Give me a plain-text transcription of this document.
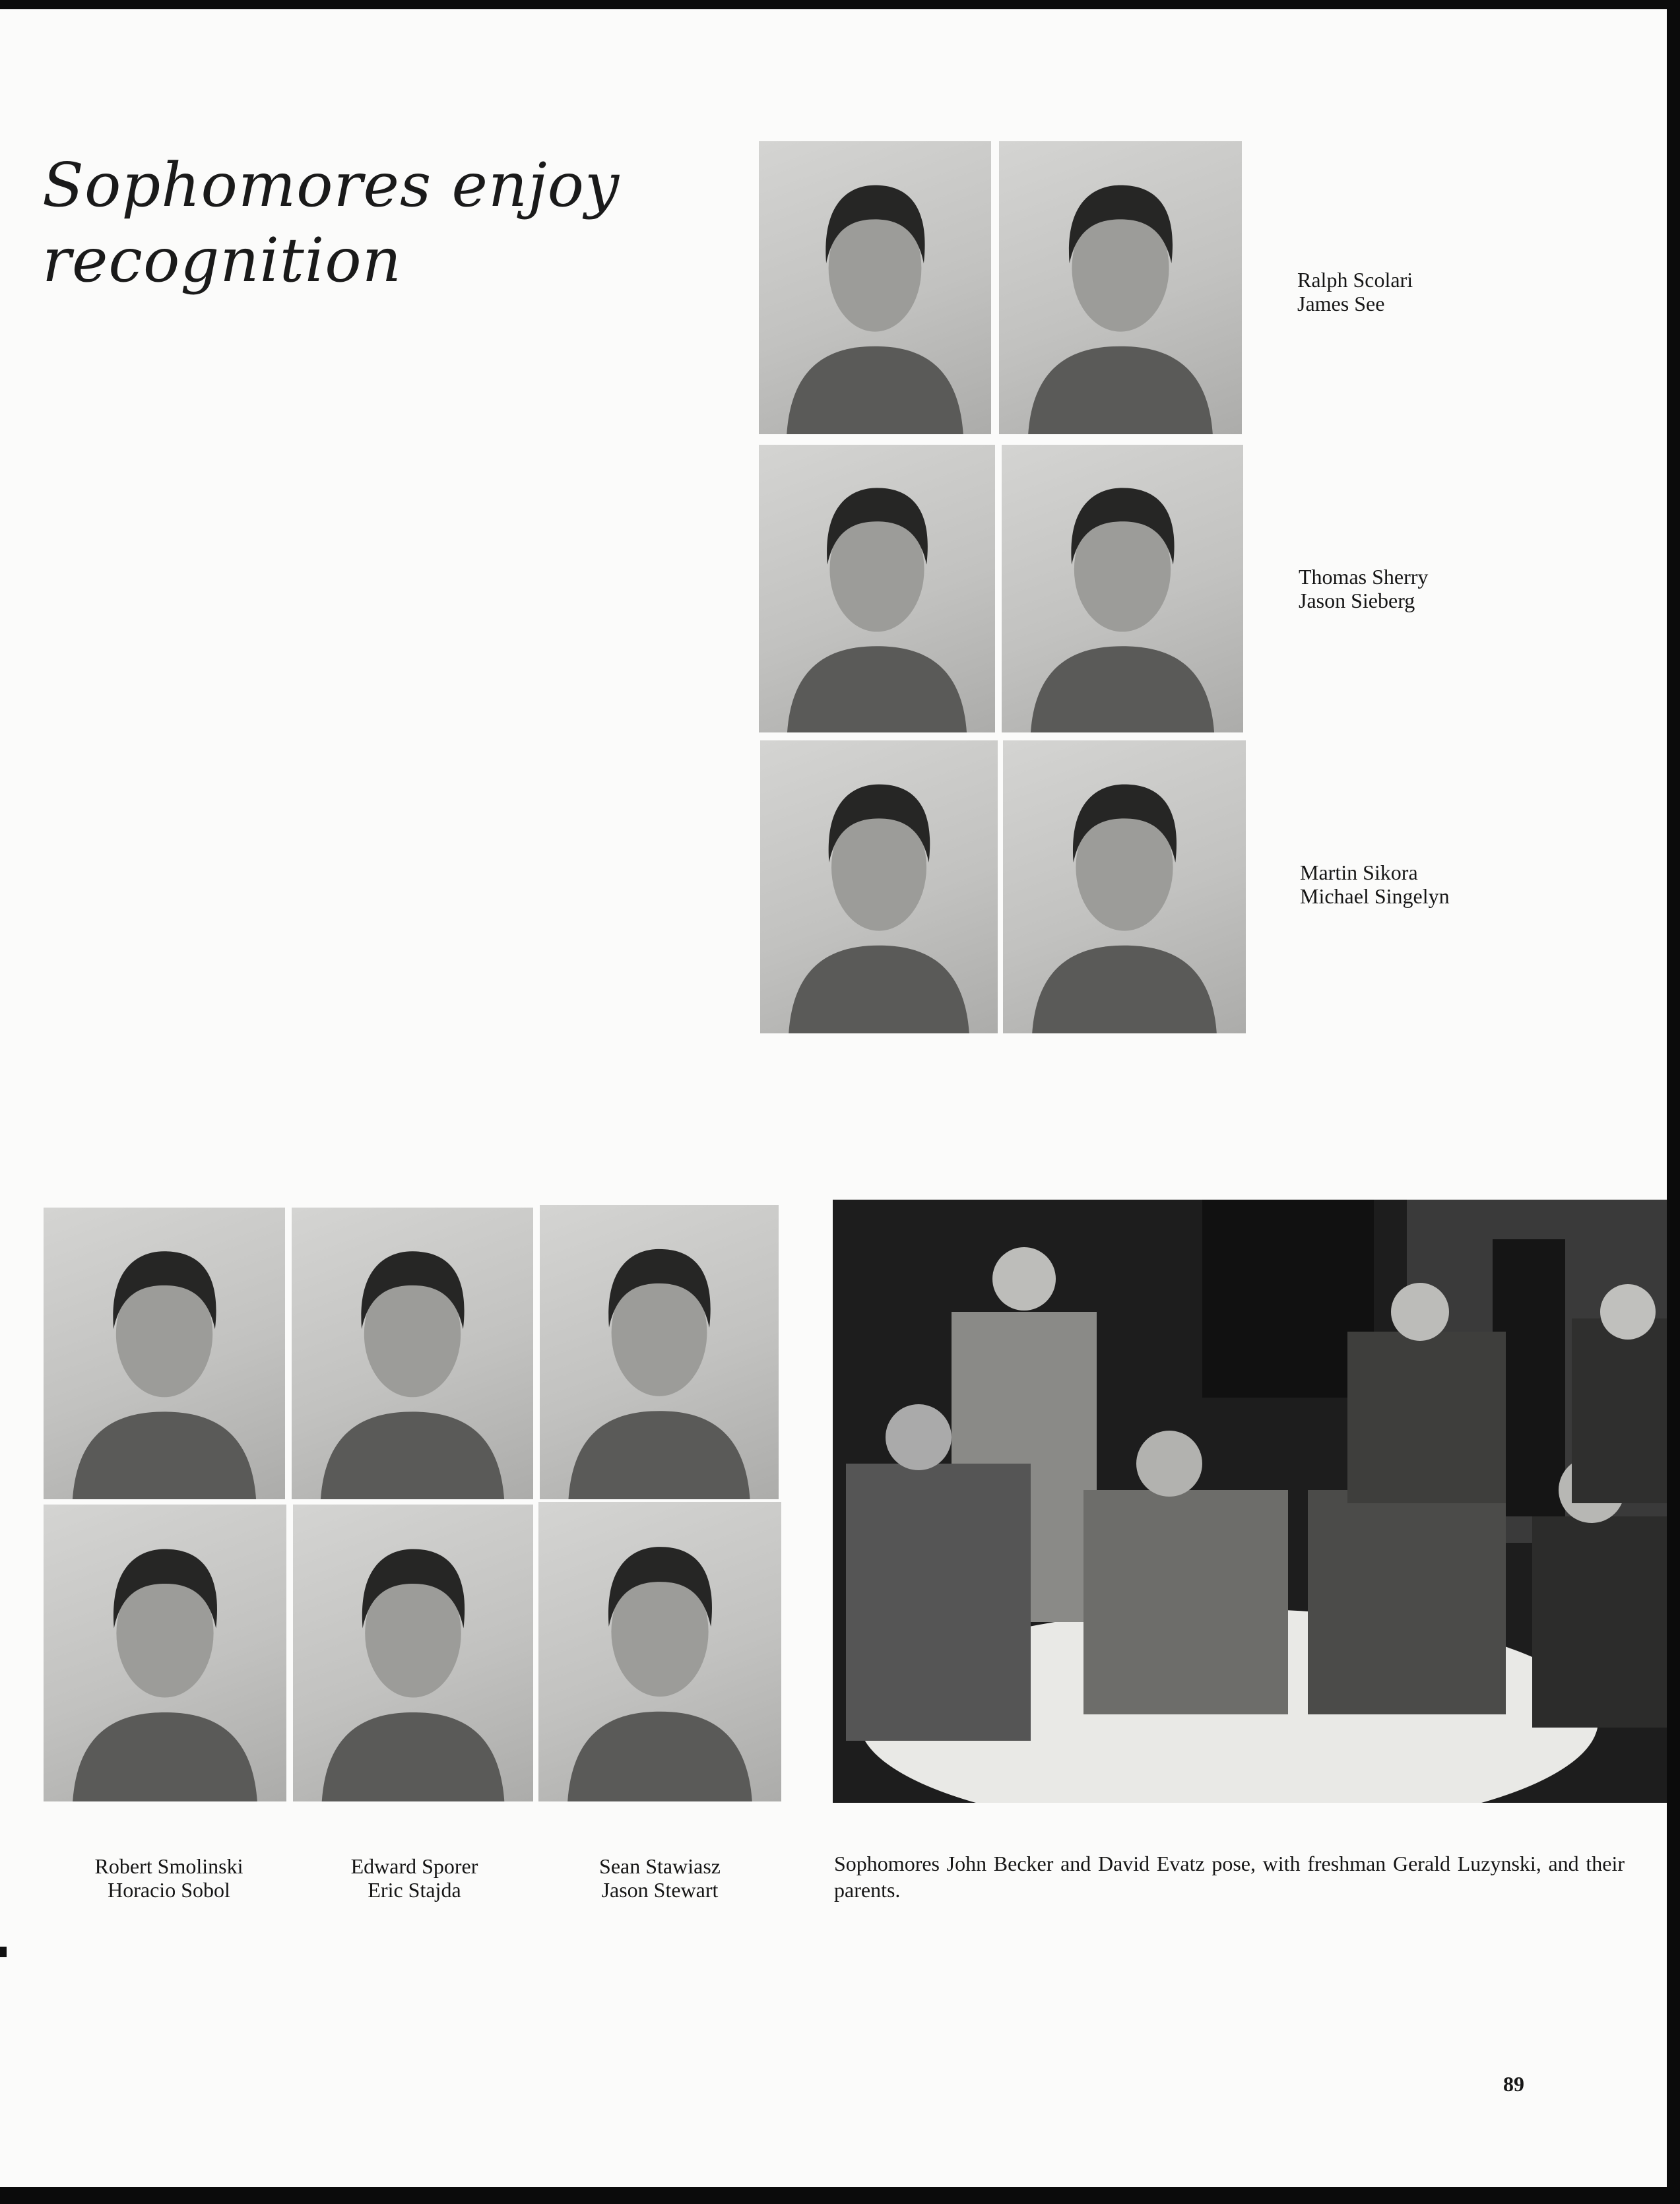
Sophomores enjoy
recognition	Ralph Scolari
James See
Thomas Sherry
Jason Sieberg
Martin Sikora
Michael Singelyn
Robert Smolinski
Horacio Sobol
Edward Sporer
Eric Stajda
Sean Stawiasz
Jason Stewart

Sophomores John Becker and David Evatz pose, with freshman Gerald Luzynski, and their parents.

89
